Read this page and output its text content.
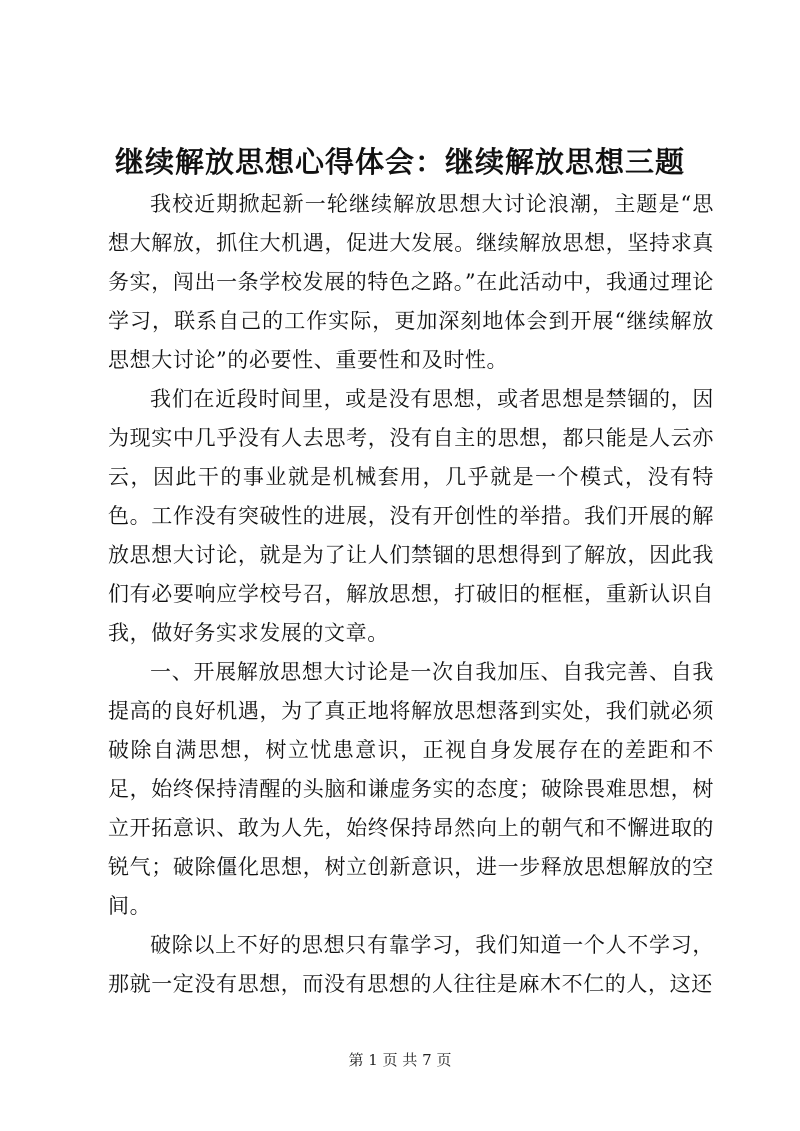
继续解放思想心得体会：继续解放思想三题

我校近期掀起新一轮继续解放思想大讨论浪潮，主题是“思想大解放，抓住大机遇，促进大发展。继续解放思想，坚持求真务实，闯出一条学校发展的特色之路。”在此活动中，我通过理论学习，联系自己的工作实际，更加深刻地体会到开展“继续解放思想大讨论”的必要性、重要性和及时性。

我们在近段时间里，或是没有思想，或者思想是禁锢的，因为现实中几乎没有人去思考，没有自主的思想，都只能是人云亦云，因此干的事业就是机械套用，几乎就是一个模式，没有特色。工作没有突破性的进展，没有开创性的举措。我们开展的解放思想大讨论，就是为了让人们禁锢的思想得到了解放，因此我们有必要响应学校号召，解放思想，打破旧的框框，重新认识自我，做好务实求发展的文章。

一、开展解放思想大讨论是一次自我加压、自我完善、自我提高的良好机遇，为了真正地将解放思想落到实处，我们就必须破除自满思想，树立忧患意识，正视自身发展存在的差距和不足，始终保持清醒的头脑和谦虚务实的态度；破除畏难思想，树立开拓意识、敢为人先，始终保持昂然向上的朝气和不懈进取的锐气；破除僵化思想，树立创新意识，进一步释放思想解放的空间。

破除以上不好的思想只有靠学习，我们知道一个人不学习，那就一定没有思想，而没有思想的人往往是麻木不仁的人，这还

第 1 页 共 7 页
